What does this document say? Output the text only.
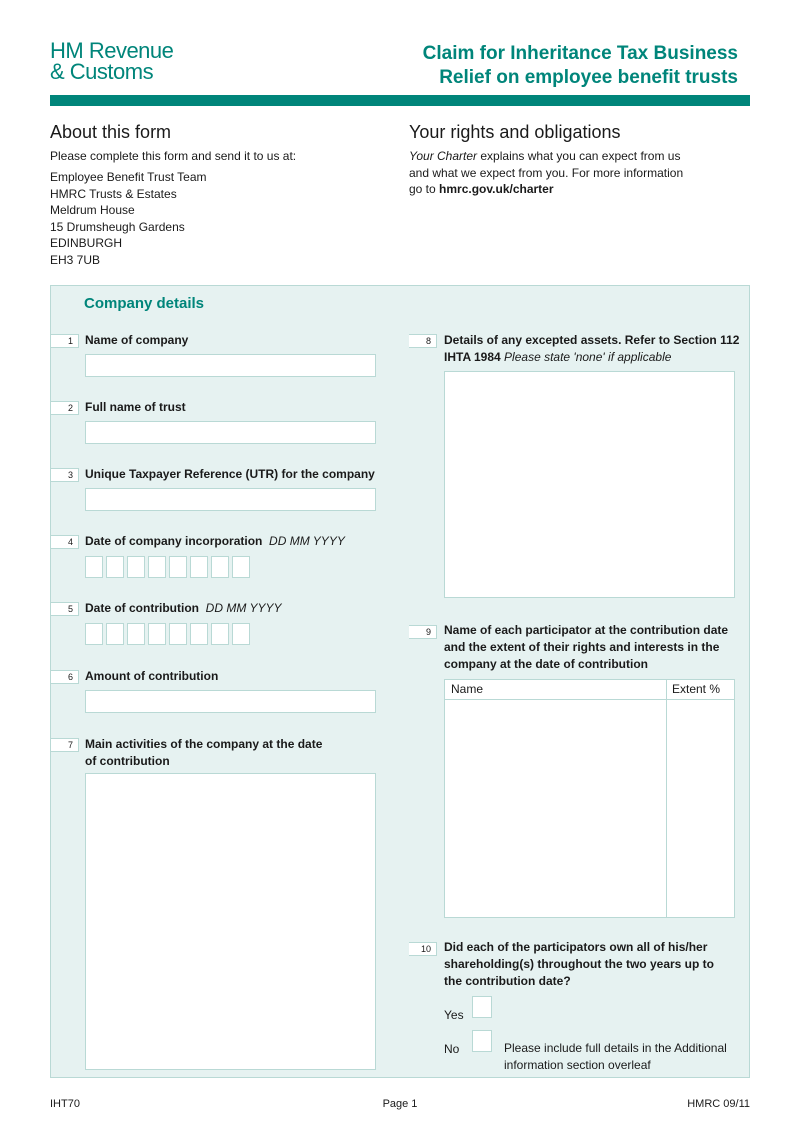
HM Revenue
& Customs
Claim for Inheritance Tax Business
Relief on employee benefit trusts
About this form
Please complete this form and send it to us at:
Employee Benefit Trust Team
HMRC Trusts & Estates
Meldrum House
15 Drumsheugh Gardens
EDINBURGH
EH3 7UB
Your rights and obligations
Your Charter explains what you can expect from us
and what we expect from you. For more information
go to hmrc.gov.uk/charter
Company details
1	Name of company
2	Full name of trust
3	Unique Taxpayer Reference (UTR) for the company
4	Date of company incorporation DD MM YYYY
5	Date of contribution DD MM YYYY
6	Amount of contribution
7	Main activities of the company at the date
of contribution
8	Details of any excepted assets. Refer to Section 112
IHTA 1984 Please state 'none' if applicable
9	Name of each participator at the contribution date
and the extent of their rights and interests in the
company at the date of contribution
Name	Extent %
10	Did each of the participators own all of his/her
shareholding(s) throughout the two years up to
the contribution date?
Yes
No	Please include full details in the Additional
information section overleaf
IHT70	Page 1	HMRC 09/11
